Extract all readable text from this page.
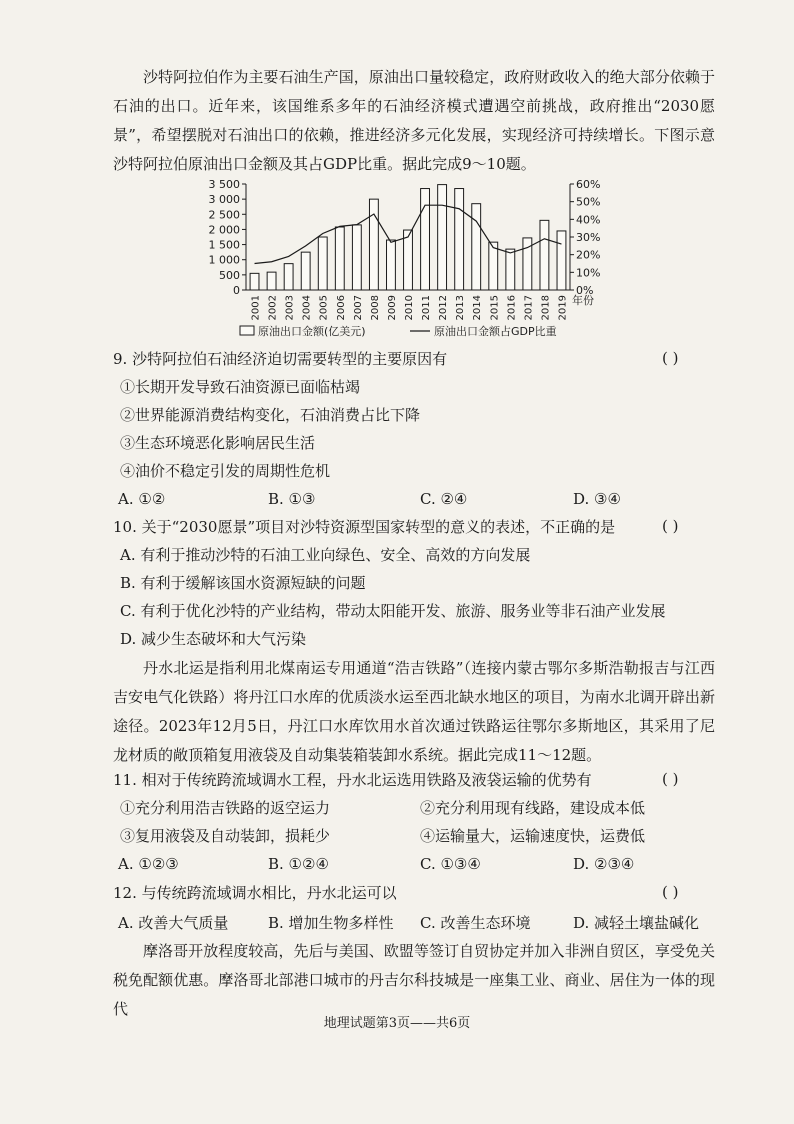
沙特阿拉伯作为主要石油生产国，原油出口量较稳定，政府财政收入的绝大部分依赖于石油的出口。近年来，该国维系多年的石油经济模式遭遇空前挑战，政府推出“2030愿景”，希望摆脱对石油出口的依赖，推进经济多元化发展，实现经济可持续增长。下图示意沙特阿拉伯原油出口金额及其占GDP比重。据此完成9～10题。

0
500
1 000
1 500
2 000
2 500
3 000
3 500
0%
10%
20%
30%
40%
50%
60%
2001 2002 2003 2004 2005 2006 2007 2008 2009 2010 2011 2012 2013 2014 2015 2016 2017 2018 2019 年份
原油出口金额(亿美元)	原油出口金额占GDP比重
9. 沙特阿拉伯石油经济迫切需要转型的主要原因有	( )
①长期开发导致石油资源已面临枯竭
②世界能源消费结构变化，石油消费占比下降
③生态环境恶化影响居民生活
④油价不稳定引发的周期性危机
A. ①②	B. ①③	C. ②④	D. ③④
10. 关于“2030愿景”项目对沙特资源型国家转型的意义的表述，不正确的是	( )
A. 有利于推动沙特的石油工业向绿色、安全、高效的方向发展
B. 有利于缓解该国水资源短缺的问题
C. 有利于优化沙特的产业结构，带动太阳能开发、旅游、服务业等非石油产业发展
D. 减少生态破坏和大气污染

丹水北运是指利用北煤南运专用通道“浩吉铁路”（连接内蒙古鄂尔多斯浩勒报吉与江西吉安电气化铁路）将丹江口水库的优质淡水运至西北缺水地区的项目，为南水北调开辟出新途径。2023年12月5日，丹江口水库饮用水首次通过铁路运往鄂尔多斯地区，其采用了尼龙材质的敞顶箱复用液袋及自动集装箱装卸水系统。据此完成11～12题。

11. 相对于传统跨流域调水工程，丹水北运选用铁路及液袋运输的优势有	( )
①充分利用浩吉铁路的返空运力	②充分利用现有线路，建设成本低
③复用液袋及自动装卸，损耗少	④运输量大，运输速度快，运费低
A. ①②③	B. ①②④	C. ①③④	D. ②③④
12. 与传统跨流域调水相比，丹水北运可以	( )
A. 改善大气质量	B. 增加生物多样性 C. 改善生态环境	D. 减轻土壤盐碱化

摩洛哥开放程度较高，先后与美国、欧盟等签订自贸协定并加入非洲自贸区，享受免关税免配额优惠。摩洛哥北部港口城市的丹吉尔科技城是一座集工业、商业、居住为一体的现代

地理试题第3页——共6页
